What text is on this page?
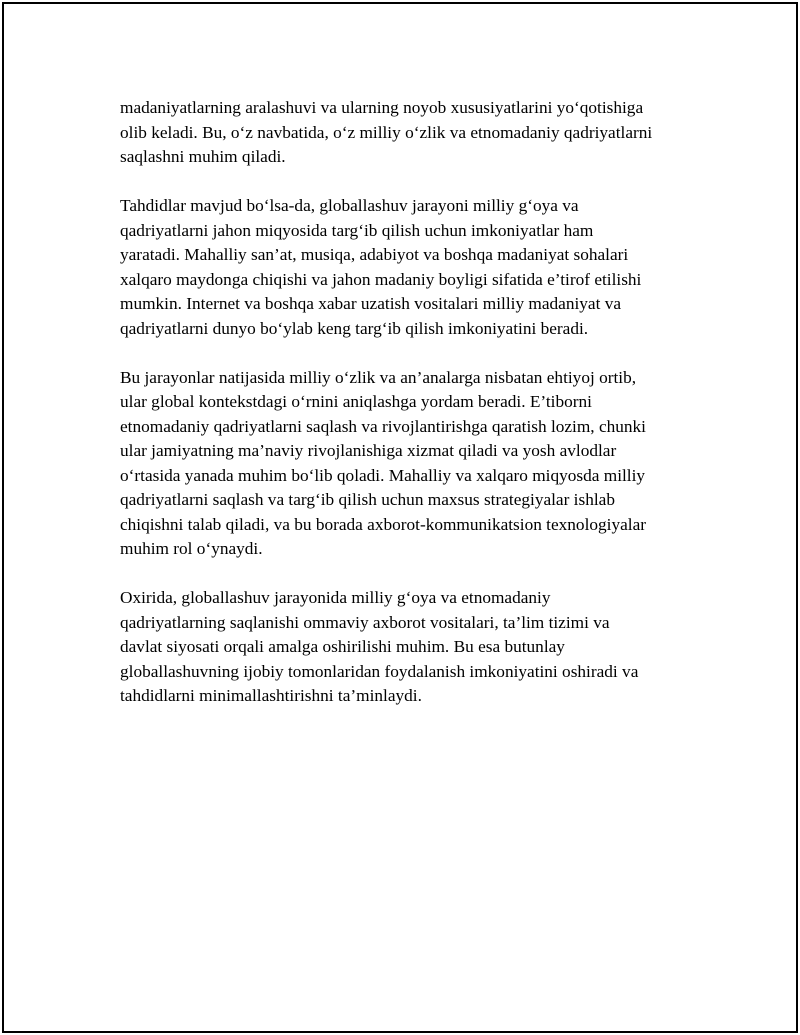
madaniyatlarning aralashuvi va ularning noyob xususiyatlarini yo‘qotishiga
olib keladi. Bu, o‘z navbatida, o‘z milliy o‘zlik va etnomadaniy qadriyatlarni
saqlashni muhim qiladi.

Tahdidlar mavjud bo‘lsa-da, globallashuv jarayoni milliy g‘oya va
qadriyatlarni jahon miqyosida targ‘ib qilish uchun imkoniyatlar ham
yaratadi. Mahalliy san’at, musiqa, adabiyot va boshqa madaniyat sohalari
xalqaro maydonga chiqishi va jahon madaniy boyligi sifatida e’tirof etilishi
mumkin. Internet va boshqa xabar uzatish vositalari milliy madaniyat va
qadriyatlarni dunyo bo‘ylab keng targ‘ib qilish imkoniyatini beradi.

Bu jarayonlar natijasida milliy o‘zlik va an’analarga nisbatan ehtiyoj ortib,
ular global kontekstdagi o‘rnini aniqlashga yordam beradi. E’tiborni
etnomadaniy qadriyatlarni saqlash va rivojlantirishga qaratish lozim, chunki
ular jamiyatning ma’naviy rivojlanishiga xizmat qiladi va yosh avlodlar
o‘rtasida yanada muhim bo‘lib qoladi. Mahalliy va xalqaro miqyosda milliy
qadriyatlarni saqlash va targ‘ib qilish uchun maxsus strategiyalar ishlab
chiqishni talab qiladi, va bu borada axborot-kommunikatsion texnologiyalar
muhim rol o‘ynaydi.

Oxirida, globallashuv jarayonida milliy g‘oya va etnomadaniy
qadriyatlarning saqlanishi ommaviy axborot vositalari, ta’lim tizimi va
davlat siyosati orqali amalga oshirilishi muhim. Bu esa butunlay
globallashuvning ijobiy tomonlaridan foydalanish imkoniyatini oshiradi va
tahdidlarni minimallashtirishni ta’minlaydi.
